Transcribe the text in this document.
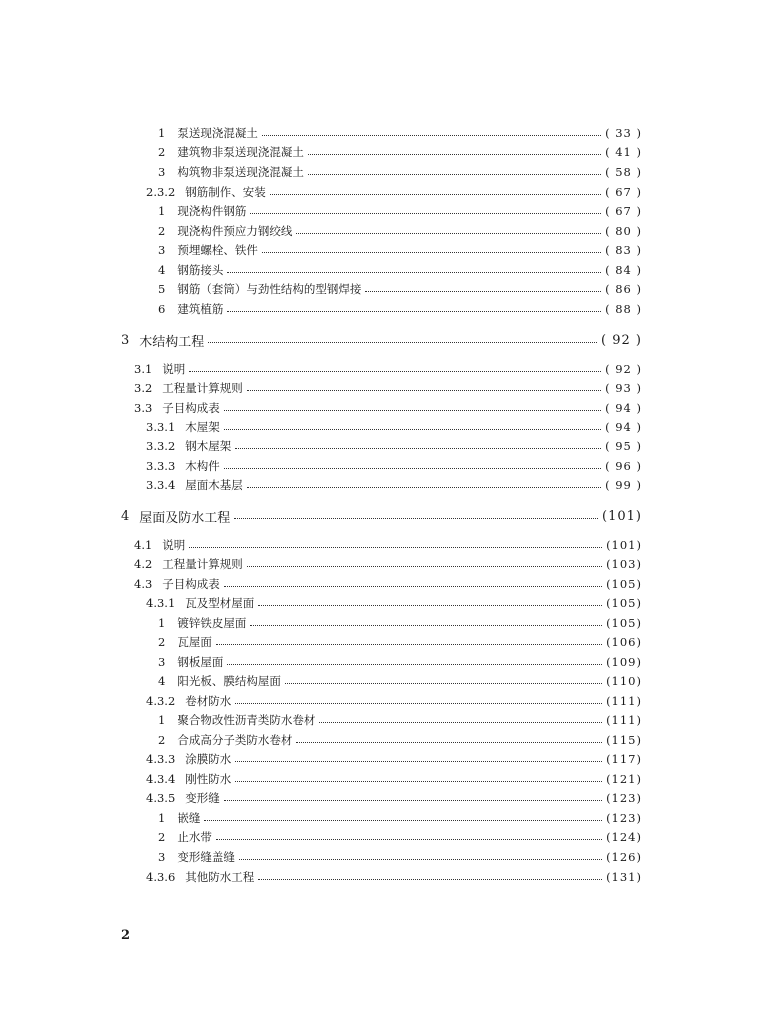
1 泵送现浇混凝土	( 33 )
2 建筑物非泵送现浇混凝土	( 41 )
3 构筑物非泵送现浇混凝土	( 58 )
2.3.2 钢筋制作、安装	( 67 )
1 现浇构件钢筋	( 67 )
2 现浇构件预应力钢绞线	( 80 )
3 预埋螺栓、铁件	( 83 )
4 钢筋接头	( 84 )
5 钢筋（套筒）与劲性结构的型钢焊接	( 86 )
6 建筑植筋	( 88 )
3 木结构工程	( 92 )
3.1 说明	( 92 )
3.2 工程量计算规则	( 93 )
3.3 子目构成表	( 94 )
3.3.1 木屋架	( 94 )
3.3.2 钢木屋架	( 95 )
3.3.3 木构件	( 96 )
3.3.4 屋面木基层	( 99 )
4 屋面及防水工程	(101)
4.1 说明	(101)
4.2 工程量计算规则	(103)
4.3 子目构成表	(105)
4.3.1 瓦及型材屋面	(105)
1 镀锌铁皮屋面	(105)
2 瓦屋面	(106)
3 钢板屋面	(109)
4 阳光板、膜结构屋面	(110)
4.3.2 卷材防水	(111)
1 聚合物改性沥青类防水卷材	(111)
2 合成高分子类防水卷材	(115)
4.3.3 涂膜防水	(117)
4.3.4 刚性防水	(121)
4.3.5 变形缝	(123)
1 嵌缝	(123)
2 止水带	(124)
3 变形缝盖缝	(126)
4.3.6 其他防水工程	(131)
2
